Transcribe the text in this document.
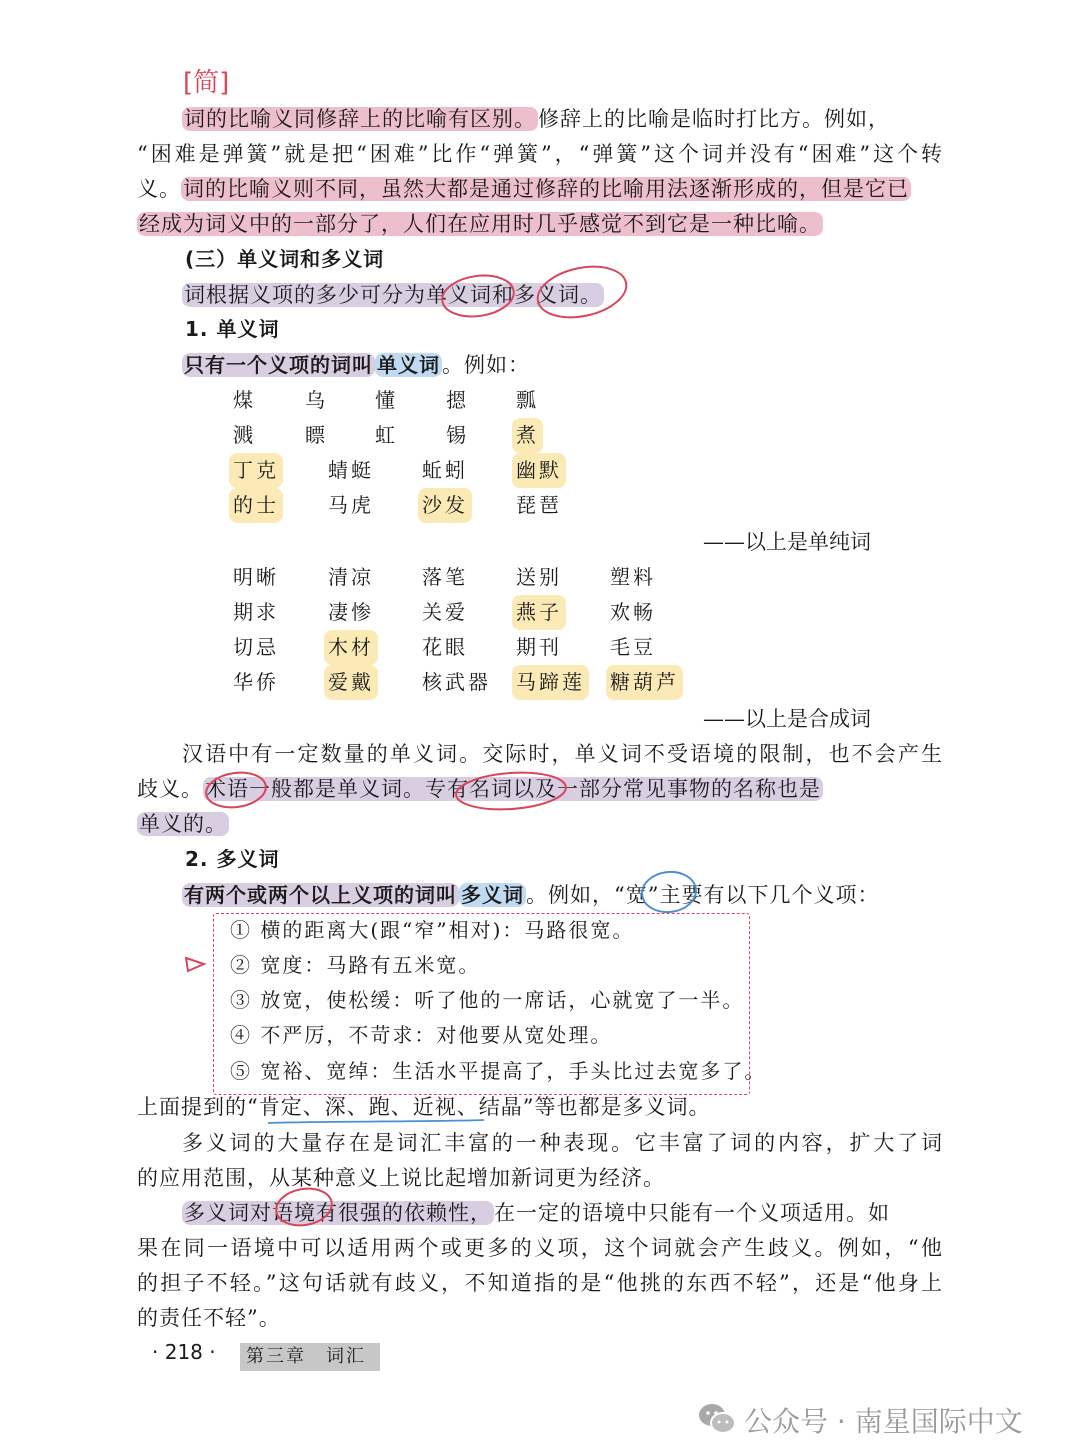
[简]
词的比喻义同修辞上的比喻有区别。修辞上的比喻是临时打比方。例如，
“困难是弹簧”就是把“困难”比作“弹簧”，“弹簧”这个词并没有“困难”这个转
义。词的比喻义则不同，虽然大都是通过修辞的比喻用法逐渐形成的，但是它已
经成为词义中的一部分了，人们在应用时几乎感觉不到它是一种比喻。
(三）单义词和多义词
词根据义项的多少可分为单义词和多义词。
1. 单义词
只有一个义项的词叫 单义词。例如：
煤 乌 懂 摁 瓢
溅 瞟 虹 锡 煮
丁克 蜻蜓 蚯蚓 幽默
的士 马虎 沙发 琵琶
——以上是单纯词
明晰 清凉 落笔 送别 塑料
期求 凄惨 关爱 燕子 欢畅
切忌 木材 花眼 期刊 毛豆
华侨 爱戴 核武器 马蹄莲 糖葫芦
——以上是合成词
汉语中有一定数量的单义词。交际时，单义词不受语境的限制，也不会产生
歧义。术语一般都是单义词。专有名词以及一部分常见事物的名称也是
单义的。
2. 多义词
有两个或两个以上义项的词叫 多义词。例如，“宽”主要有以下几个义项：
① 横的距离大(跟“窄”相对)：马路很宽。
② 宽度：马路有五米宽。
③ 放宽，使松缓：听了他的一席话，心就宽了一半。
④ 不严厉，不苛求：对他要从宽处理。
⑤ 宽裕、宽绰：生活水平提高了，手头比过去宽多了。
上面提到的“肯定、深、跑、近视、结晶”等也都是多义词。
多义词的大量存在是词汇丰富的一种表现。它丰富了词的内容，扩大了词
的应用范围，从某种意义上说比起增加新词更为经济。
多义词对语境有很强的依赖性，在一定的语境中只能有一个义项适用。如
果在同一语境中可以适用两个或更多的义项，这个词就会产生歧义。例如，“他
的担子不轻。”这句话就有歧义，不知道指的是“他挑的东西不轻”，还是“他身上
的责任不轻”。
· 218 ·	第三章　词汇
公众号 · 南星国际中文
